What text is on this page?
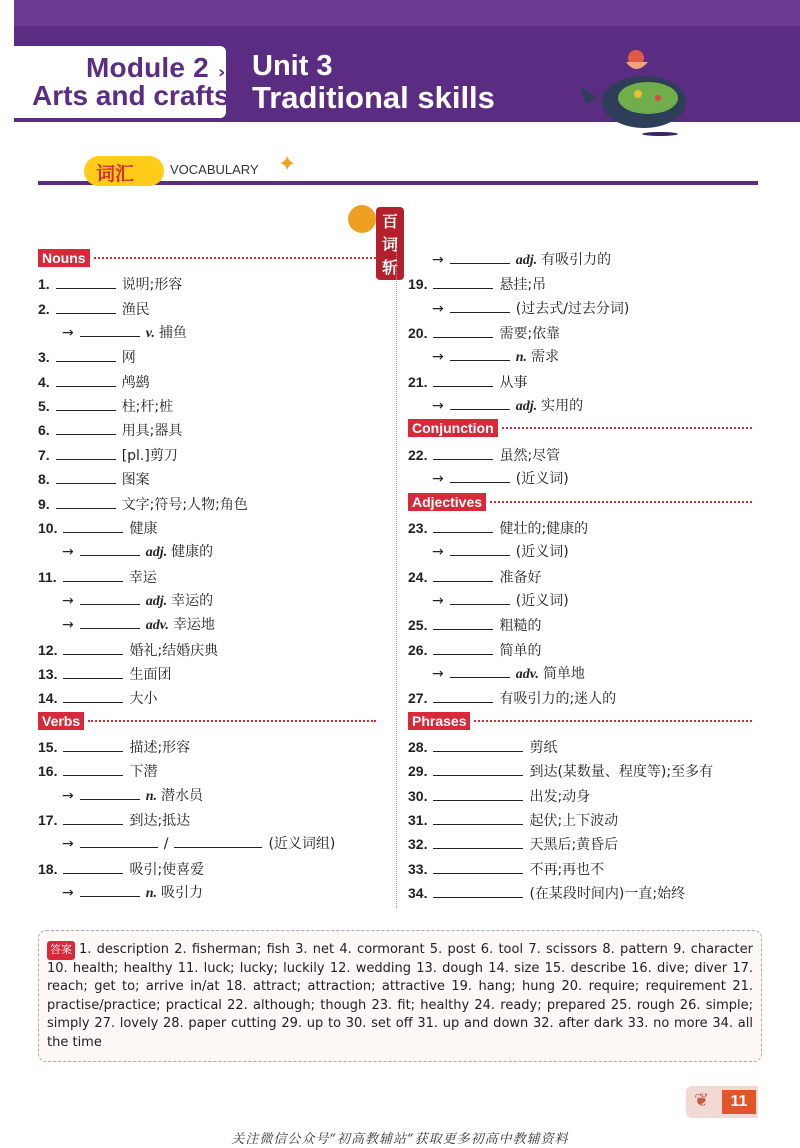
Module 2
Arts and crafts
› Unit 3
Traditional skills
词汇	VOCABULARY ✦
百词斩
Nouns
1.	说明;形容
2.	渔民
→	v. 捕鱼
3.	网
4.	鸬鹚
5.	柱;杆;桩
6.	用具;器具
7.	[pl.]剪刀
8.	图案
9.	文字;符号;人物;角色
10.	健康
→	adj. 健康的
11.	幸运
→	adj. 幸运的
→	adv. 幸运地
12.	婚礼;结婚庆典
13.	生面团
14.	大小
Verbs
15.	描述;形容
16.	下潜
→	n. 潜水员
17.	到达;抵达
→	/	(近义词组)
18.	吸引;使喜爱
→	n. 吸引力
→	adj. 有吸引力的
19.	悬挂;吊
→	(过去式/过去分词)
20.	需要;依靠
→	n. 需求
21.	从事
→	adj. 实用的
Conjunction
22.	虽然;尽管
→	(近义词)
Adjectives
23.	健壮的;健康的
→	(近义词)
24.	准备好
→	(近义词)
25.	粗糙的
26.	简单的
→	adv. 简单地
27.	有吸引力的;迷人的
Phrases
28.	剪纸
29.	到达(某数量、程度等);至多有
30.	出发;动身
31.	起伏;上下波动
32.	天黑后;黄昏后
33.	不再;再也不
34.	(在某段时间内)一直;始终
答案 1. description 2. fisherman; fish 3. net 4. cormorant 5. post 6. tool 7. scissors 8. pattern 9. character 10. health; healthy 11. luck; lucky; luckily 12. wedding 13. dough 14. size 15. describe 16. dive; diver 17. reach; get to; arrive in/at 18. attract; attraction; attractive 19. hang; hung 20. require; requirement 21. practise/practice; practical 22. although; though 23. fit; healthy 24. ready; prepared 25. rough 26. simple; simply 27. lovely 28. paper cutting 29. up to 30. set off 31. up and down 32. after dark 33. no more 34. all the time
❦	11
关注微信公众号“初高教辅站”获取更多初高中教辅资料
